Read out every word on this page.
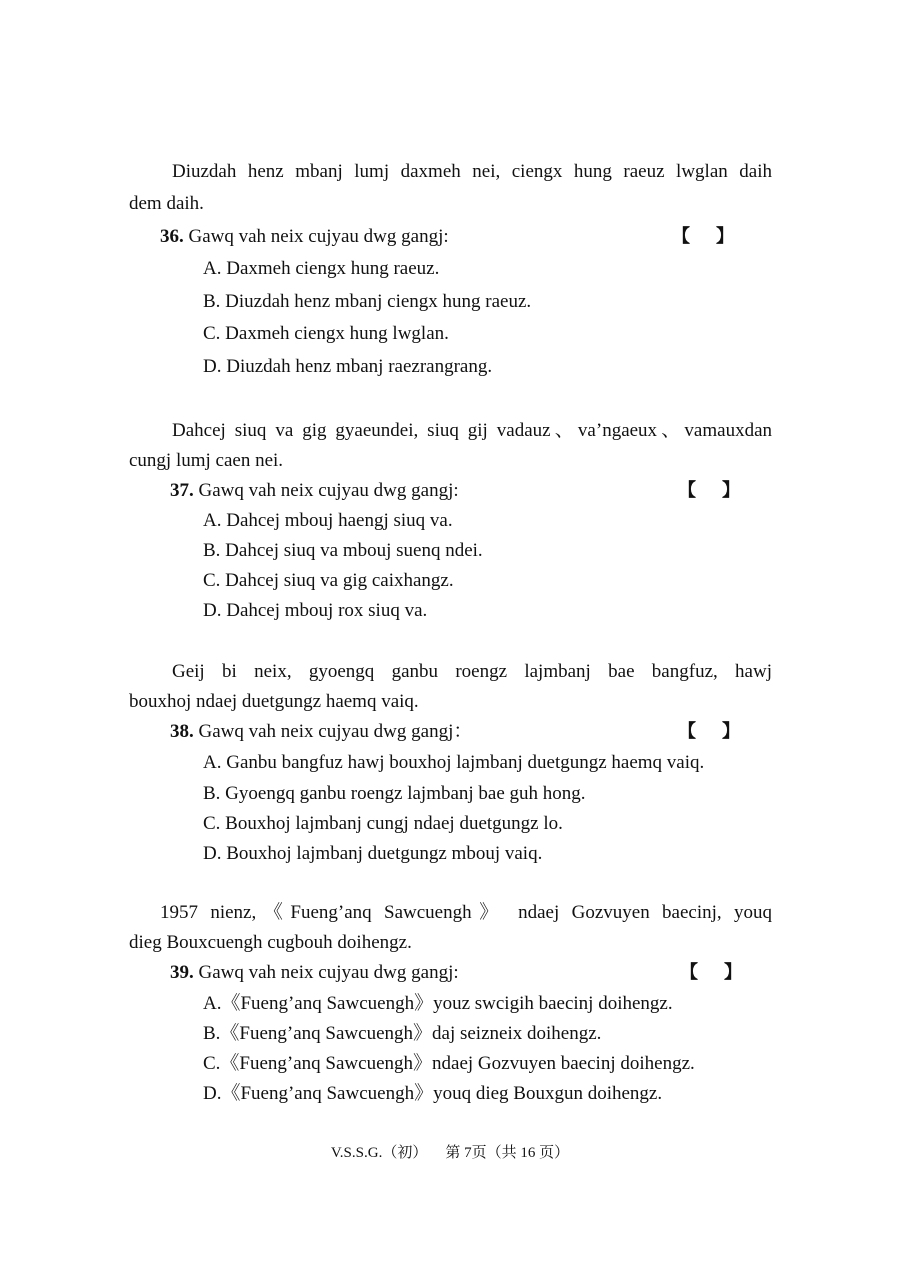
Diuzdah henz mbanj lumj daxmeh nei, ciengx hung raeuz lwglan daih
dem daih.
36. Gawq vah neix cujyau dwg gangj:	【 】
A. Daxmeh ciengx hung raeuz.
B. Diuzdah henz mbanj ciengx hung raeuz.
C. Daxmeh ciengx hung lwglan.
D. Diuzdah henz mbanj raezrangrang.
Dahcej siuq va gig gyaeundei, siuq gij vadauz、va’ngaeux、vamauxdan
cungj lumj caen nei.
37. Gawq vah neix cujyau dwg gangj:	【 】
A. Dahcej mbouj haengj siuq va.
B. Dahcej siuq va mbouj suenq ndei.
C. Dahcej siuq va gig caixhangz.
D. Dahcej mbouj rox siuq va.
Geij bi neix, gyoengq ganbu roengz lajmbanj bae bangfuz, hawj
bouxhoj ndaej duetgungz haemq vaiq.
38. Gawq vah neix cujyau dwg gangj：	【 】
A. Ganbu bangfuz hawj bouxhoj lajmbanj duetgungz haemq vaiq.
B. Gyoengq ganbu roengz lajmbanj bae guh hong.
C. Bouxhoj lajmbanj cungj ndaej duetgungz lo.
D. Bouxhoj lajmbanj duetgungz mbouj vaiq.
1957 nienz,《Fueng’anq Sawcuengh》 ndaej Gozvuyen baecinj, youq
dieg Bouxcuengh cugbouh doihengz.
39. Gawq vah neix cujyau dwg gangj:	【 】
A.《Fueng’anq Sawcuengh》youz swcigih baecinj doihengz.
B.《Fueng’anq Sawcuengh》daj seizneix doihengz.
C.《Fueng’anq Sawcuengh》ndaej Gozvuyen baecinj doihengz.
D.《Fueng’anq Sawcuengh》youq dieg Bouxgun doihengz.
V.S.S.G.（初） 第 7页（共 16 页）
